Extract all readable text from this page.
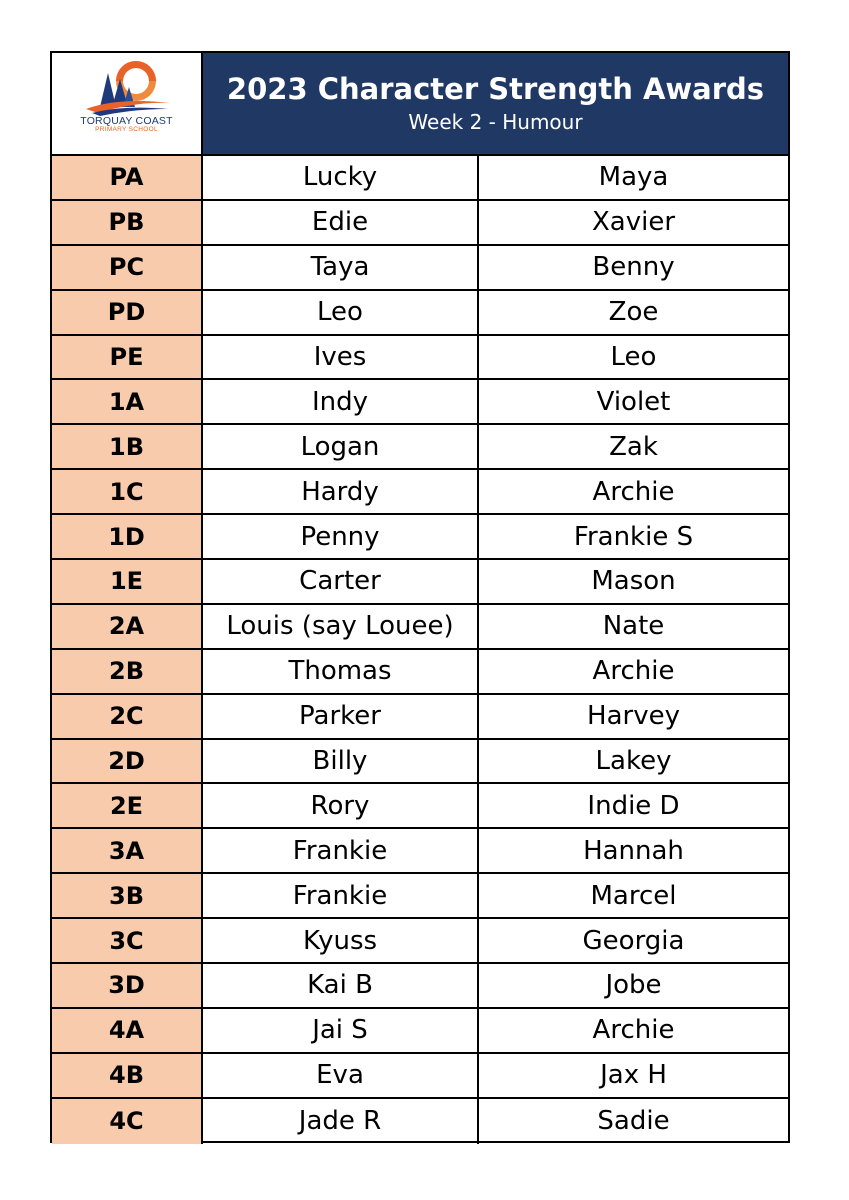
TORQUAY COAST
PRIMARY SCHOOL
2023 Character Strength Awards
Week 2 - Humour
PA	Lucky	Maya
PB	Edie	Xavier
PC	Taya	Benny
PD	Leo	Zoe
PE	Ives	Leo
1A	Indy	Violet
1B	Logan	Zak
1C	Hardy	Archie
1D	Penny	Frankie S
1E	Carter	Mason
2A	Louis (say Louee)	Nate
2B	Thomas	Archie
2C	Parker	Harvey
2D	Billy	Lakey
2E	Rory	Indie D
3A	Frankie	Hannah
3B	Frankie	Marcel
3C	Kyuss	Georgia
3D	Kai B	Jobe
4A	Jai S	Archie
4B	Eva	Jax H
4C	Jade R	Sadie
